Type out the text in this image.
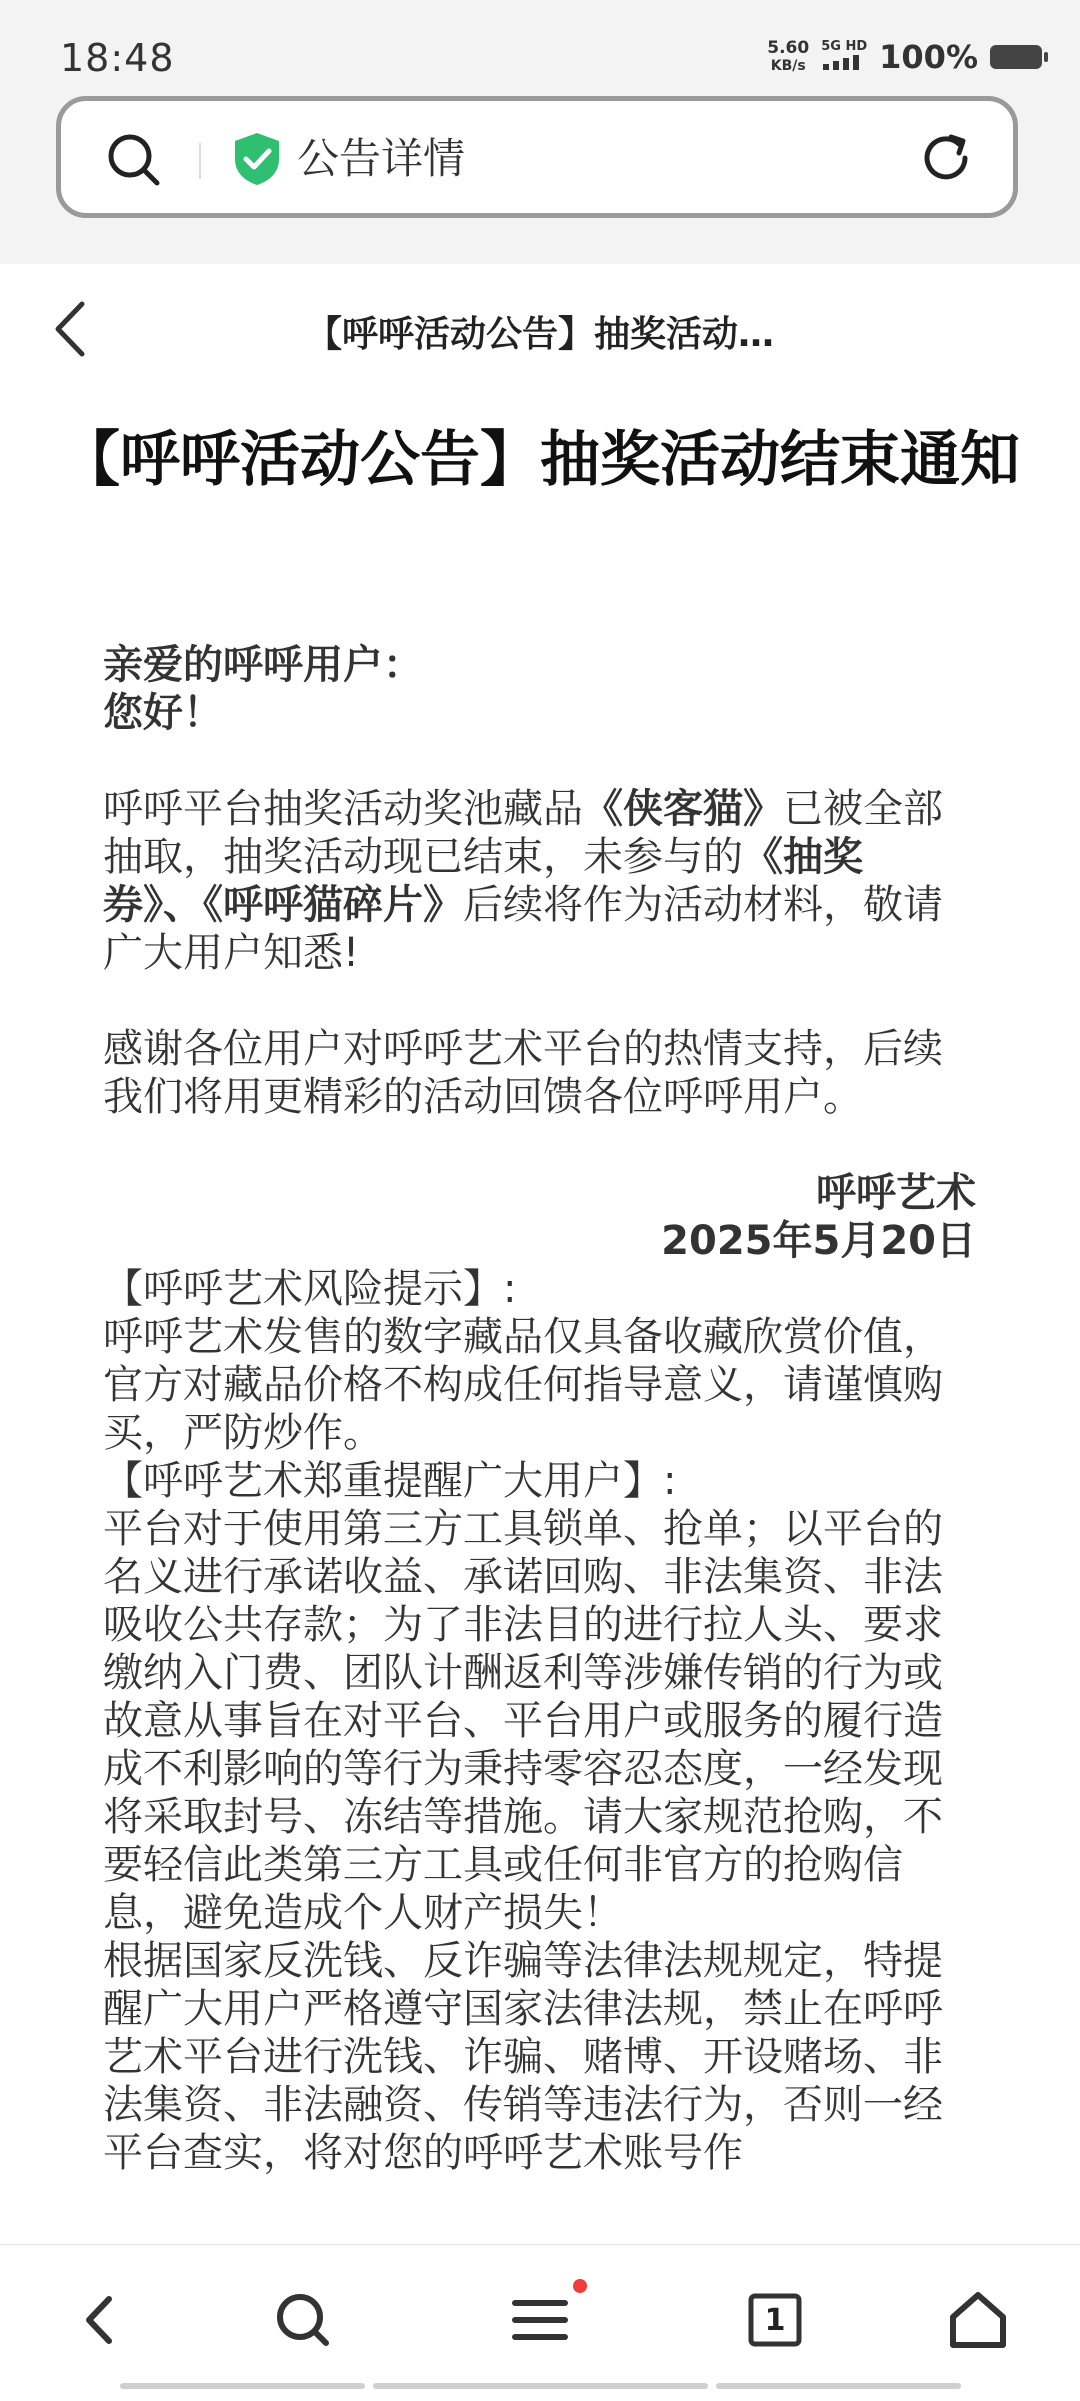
18:48	5.60
KB/s
5G HD 100%
公告详情
【呼呼活动公告】抽奖活动…
【呼呼活动公告】抽奖活动结束通知
亲爱的呼呼用户：
您好！

呼呼平台抽奖活动奖池藏品《侠客猫》已被全部抽取，抽奖活动现已结束，未参与的《抽奖券》、《呼呼猫碎片》后续将作为活动材料，敬请广大用户知悉!

感谢各位用户对呼呼艺术平台的热情支持，后续我们将用更精彩的活动回馈各位呼呼用户。

呼呼艺术
2025年5月20日

【呼呼艺术风险提示】:

呼呼艺术发售的数字藏品仅具备收藏欣赏价值，官方对藏品价格不构成任何指导意义，请谨慎购买，严防炒作。

【呼呼艺术郑重提醒广大用户】:

平台对于使用第三方工具锁单、抢单；以平台的名义进行承诺收益、承诺回购、非法集资、非法吸收公共存款；为了非法目的进行拉人头、要求缴纳入门费、团队计酬返利等涉嫌传销的行为或故意从事旨在对平台、平台用户或服务的履行造成不利影响的等行为秉持零容忍态度，一经发现将采取封号、冻结等措施。请大家规范抢购，不要轻信此类第三方工具或任何非官方的抢购信息，避免造成个人财产损失！

根据国家反洗钱、反诈骗等法律法规规定，特提醒广大用户严格遵守国家法律法规，禁止在呼呼艺术平台进行洗钱、诈骗、赌博、开设赌场、非法集资、非法融资、传销等违法行为，否则一经平台查实，将对您的呼呼艺术账号作

1
